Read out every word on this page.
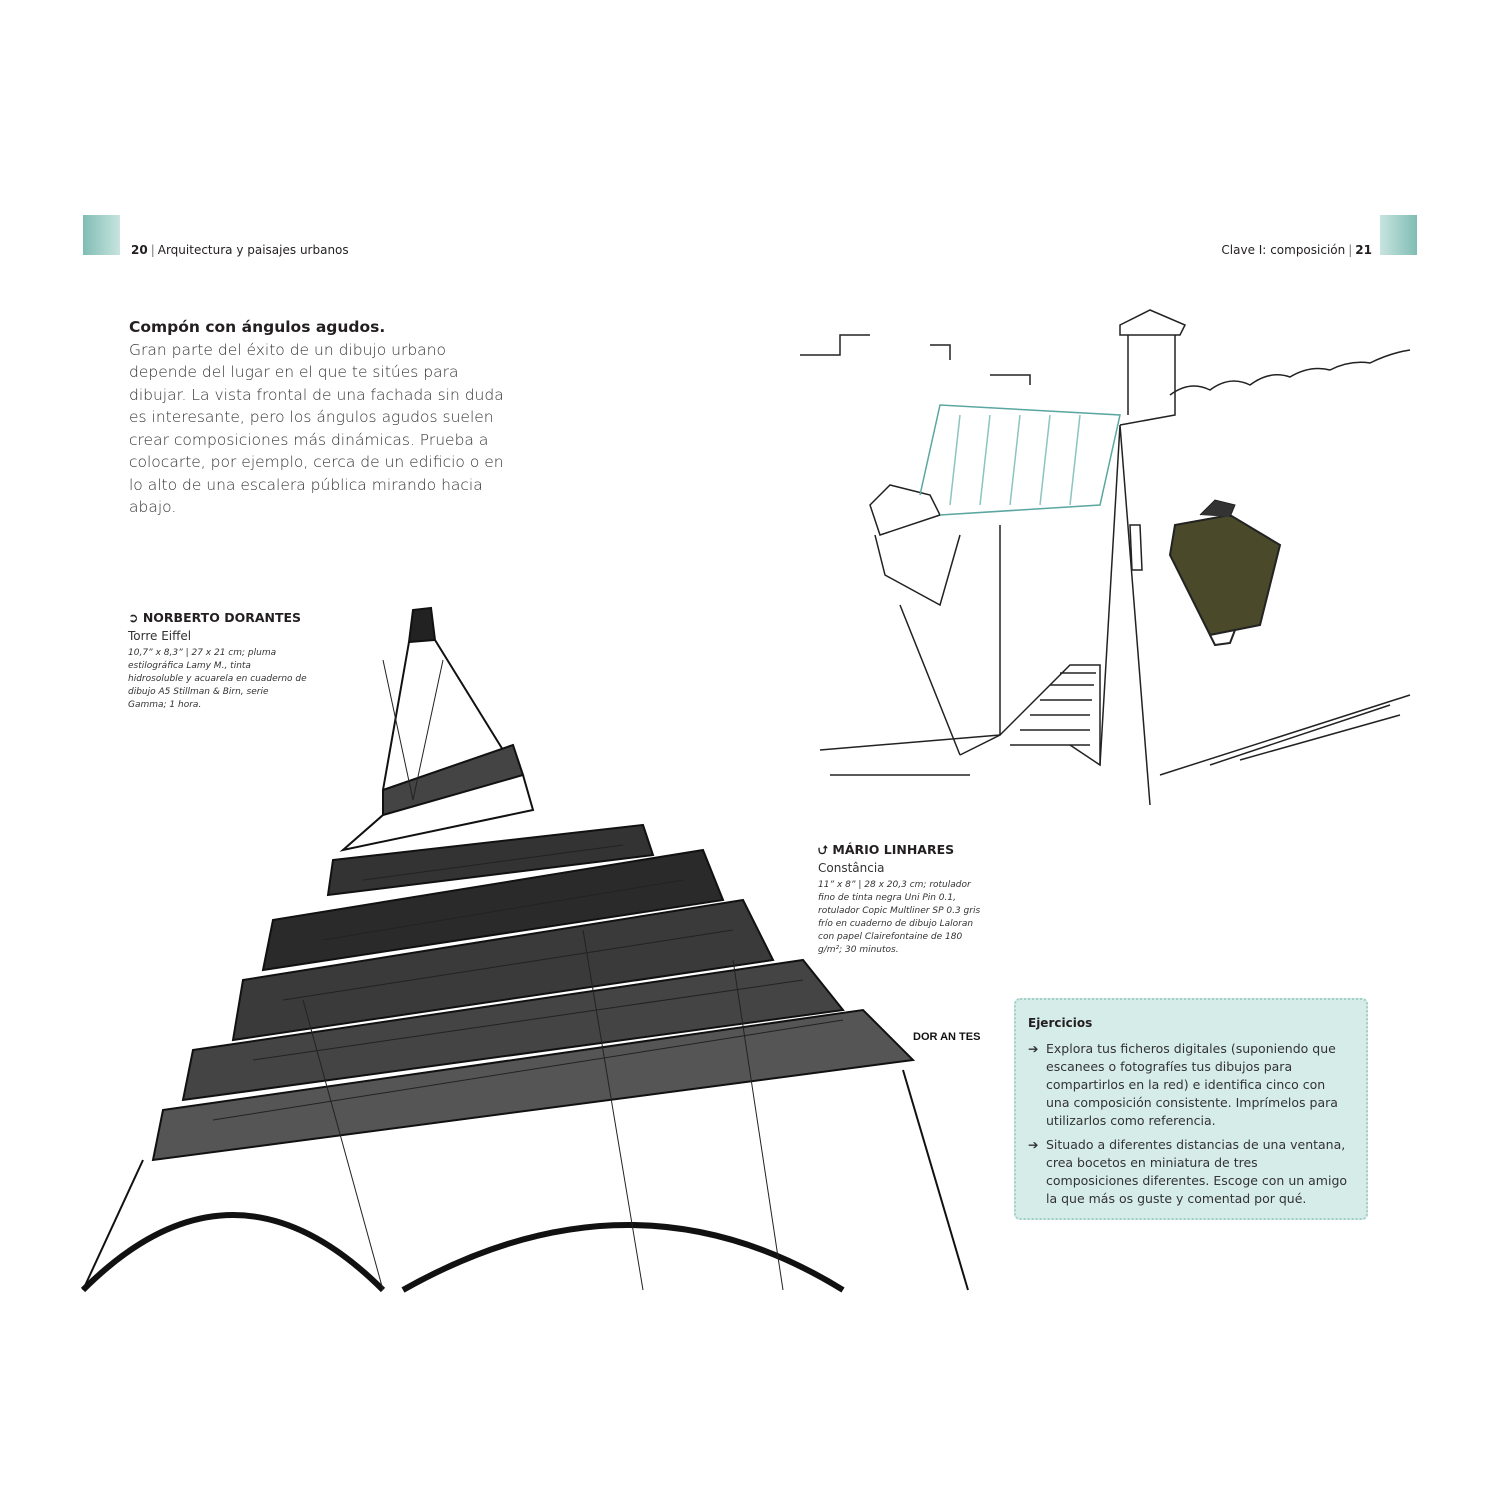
20 | Arquitectura y paisajes urbanos	Clave I: composición | 21
Compón con ángulos agudos.

Gran parte del éxito de un dibujo urbano depende del lugar en el que te sitúes para dibujar. La vista frontal de una fachada sin duda es interesante, pero los ángulos agudos suelen crear composiciones más dinámicas. Prueba a colocarte, por ejemplo, cerca de un edificio o en lo alto de una escalera pública mirando hacia abajo.

➲ NORBERTO DORANTES
Torre Eiffel
10,7” x 8,3” | 27 x 21 cm; pluma estilográfica Lamy M., tinta hidrosoluble y acuarela en cuaderno de dibujo A5 Stillman & Birn, serie Gamma; 1 hora.
⮍ MÁRIO LINHARES
Constância
11” x 8” | 28 x 20,3 cm; rotulador fino de tinta negra Uni Pin 0.1, rotulador Copic Multliner SP 0.3 gris frío en cuaderno de dibujo Laloran con papel Clairefontaine de 180 g/m²; 30 minutos.
Ejercicios
➔ Explora tus ficheros digitales (suponiendo que escanees o fotografíes tus dibujos para compartirlos en la red) e identifica cinco con una composición consistente. Imprímelos para utilizarlos como referencia.
➔ Situado a diferentes distancias de una ventana, crea bocetos en miniatura de tres composiciones diferentes. Escoge con un amigo la que más os guste y comentad por qué.
DOR AN TES
